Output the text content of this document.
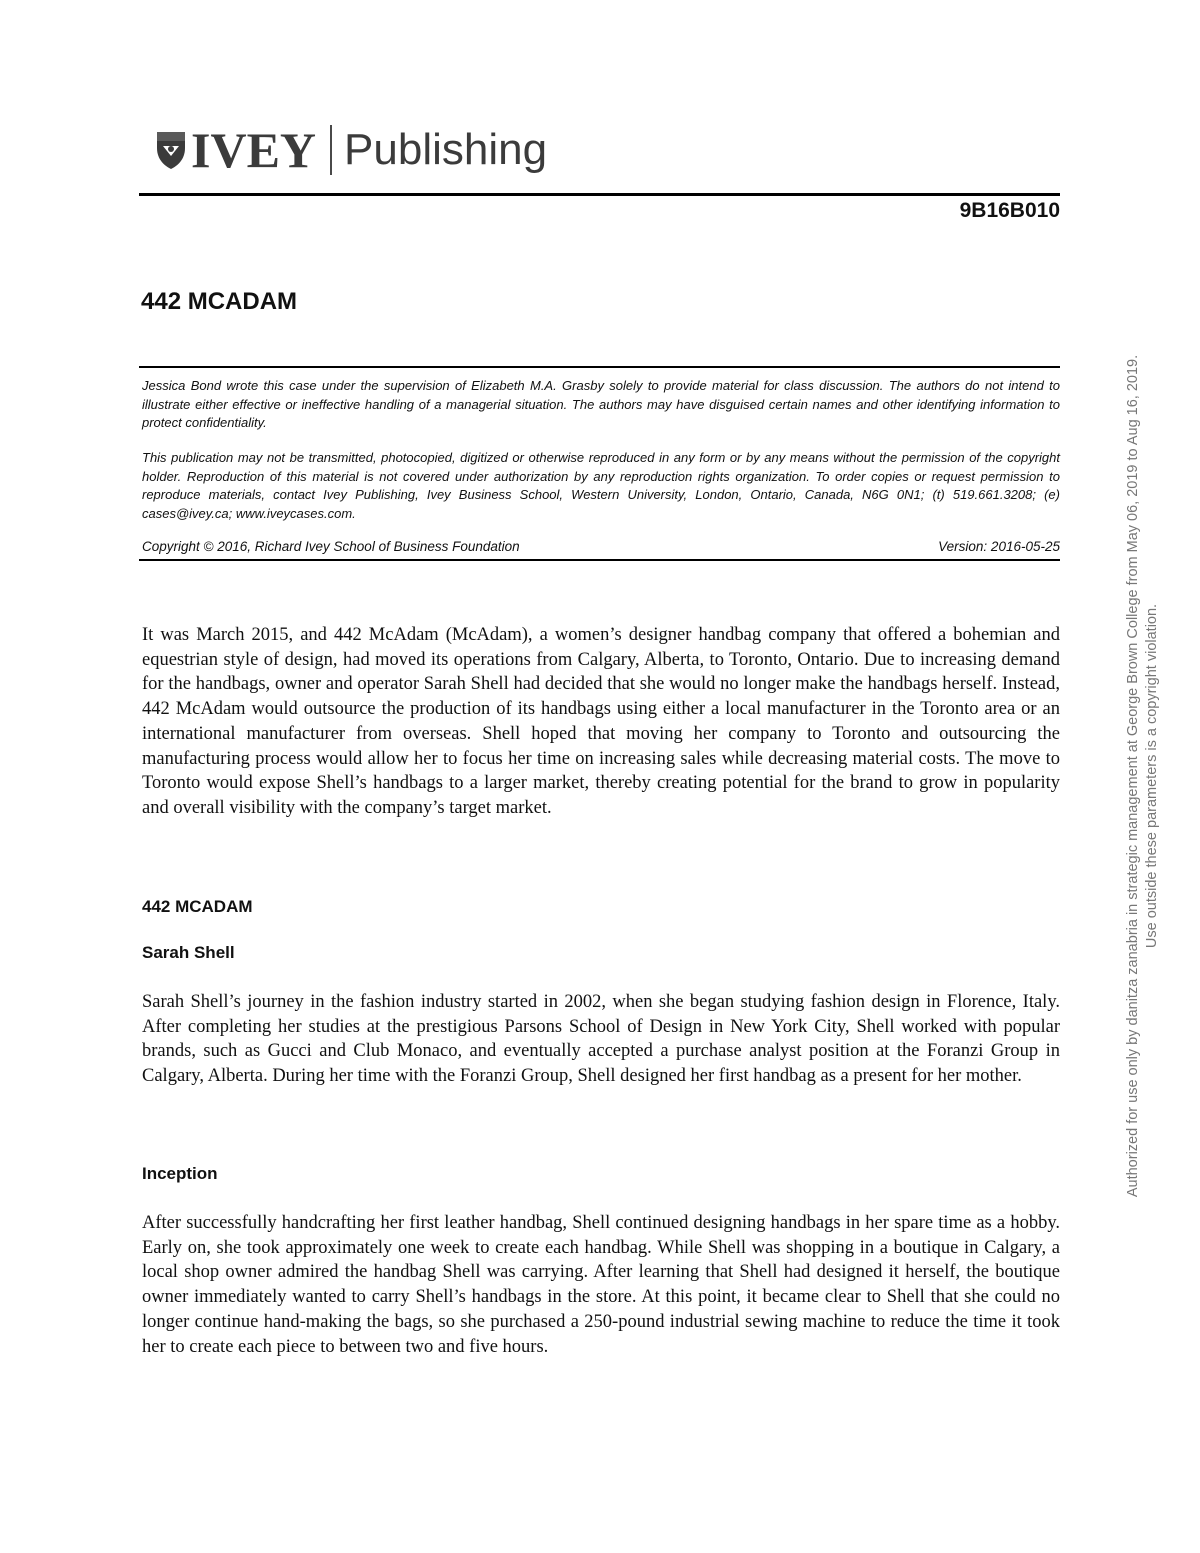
IVEY Publishing
9B16B010
442 MCADAM

Jessica Bond wrote this case under the supervision of Elizabeth M.A. Grasby solely to provide material for class discussion. The authors do not intend to illustrate either effective or ineffective handling of a managerial situation. The authors may have disguised certain names and other identifying information to protect confidentiality.

This publication may not be transmitted, photocopied, digitized or otherwise reproduced in any form or by any means without the permission of the copyright holder. Reproduction of this material is not covered under authorization by any reproduction rights organization. To order copies or request permission to reproduce materials, contact Ivey Publishing, Ivey Business School, Western University, London, Ontario, Canada, N6G 0N1; (t) 519.661.3208; (e) cases@ivey.ca; www.iveycases.com.

Copyright © 2016, Richard Ivey School of Business Foundation	Version: 2016-05-25

It was March 2015, and 442 McAdam (McAdam), a women’s designer handbag company that offered a bohemian and equestrian style of design, had moved its operations from Calgary, Alberta, to Toronto, Ontario. Due to increasing demand for the handbags, owner and operator Sarah Shell had decided that she would no longer make the handbags herself. Instead, 442 McAdam would outsource the production of its handbags using either a local manufacturer in the Toronto area or an international manufacturer from overseas. Shell hoped that moving her company to Toronto and outsourcing the manufacturing process would allow her to focus her time on increasing sales while decreasing material costs. The move to Toronto would expose Shell’s handbags to a larger market, thereby creating potential for the brand to grow in popularity and overall visibility with the company’s target market.

442 MCADAM
Sarah Shell

Sarah Shell’s journey in the fashion industry started in 2002, when she began studying fashion design in Florence, Italy. After completing her studies at the prestigious Parsons School of Design in New York City, Shell worked with popular brands, such as Gucci and Club Monaco, and eventually accepted a purchase analyst position at the Foranzi Group in Calgary, Alberta. During her time with the Foranzi Group, Shell designed her first handbag as a present for her mother.

Inception

After successfully handcrafting her first leather handbag, Shell continued designing handbags in her spare time as a hobby. Early on, she took approximately one week to create each handbag. While Shell was shopping in a boutique in Calgary, a local shop owner admired the handbag Shell was carrying. After learning that Shell had designed it herself, the boutique owner immediately wanted to carry Shell’s handbags in the store. At this point, it became clear to Shell that she could no longer continue hand-making the bags, so she purchased a 250-pound industrial sewing machine to reduce the time it took her to create each piece to between two and five hours.

Authorized for use only by danitza zanabria in strategic management at George Brown College from May 06, 2019 to Aug 16, 2019. Use outside these parameters is a copyright violation.
